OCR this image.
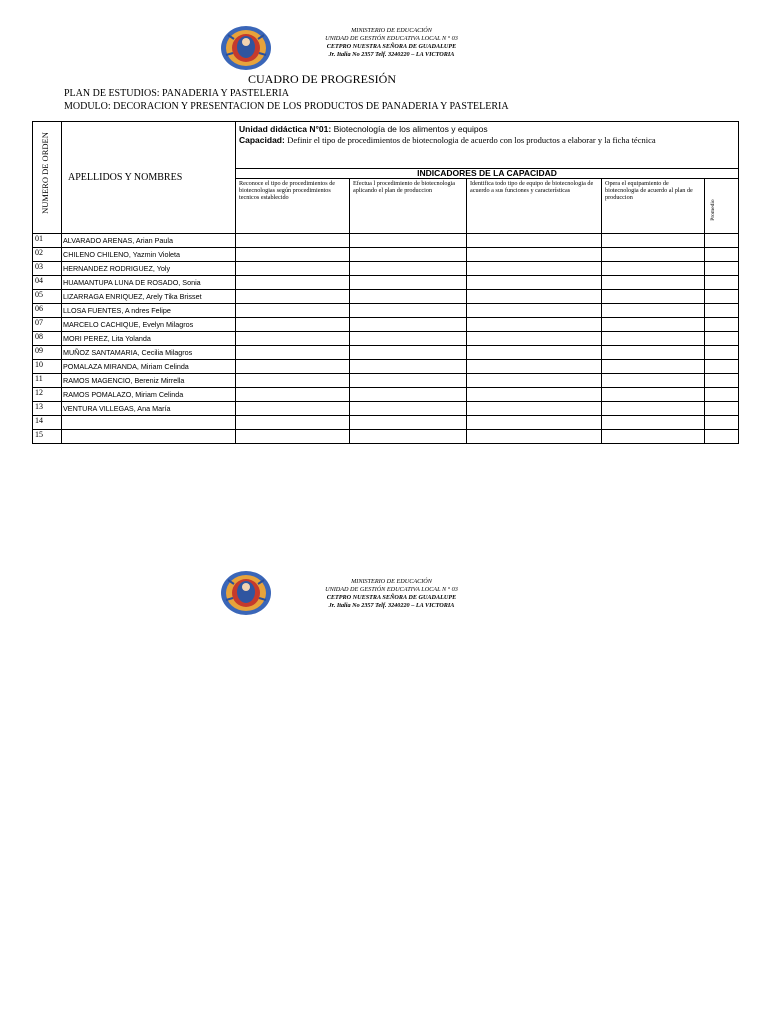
MINISTERIO DE EDUCACIÓN
UNIDAD DE GESTIÓN EDUCATIVA LOCAL N ° 03
CETPRO NUESTRA SEÑORA DE GUADALUPE
Jr. Italia No 2357 Telf. 3240220 – LA VICTORIA
CUADRO DE PROGRESIÓN
PLAN DE ESTUDIOS: PANADERIA Y PASTELERIA
MODULO: DECORACION Y PRESENTACION DE LOS PRODUCTOS DE PANADERIA Y PASTELERIA
NUMERO DE ORDEN	APELLIDOS Y NOMBRES	Unidad didáctica N°01: Biotecnología de los alimentos y equipos
Capacidad: Definir el tipo de procedimientos de biotecnologia de acuerdo con los productos a elaborar y la ficha técnica				

		INDICADORES DE LA CAPACIDAD				
		Reconoce el tipo de procedimientos de biotecnologias según procedimientos tecnicos establecido	Efectua l procedimiento de biotecnologia aplicando el plan de produccion	Identifica todo tipo de equipo de biotecnologia de acuerdo a sus funciones y características	Opera el equipamiento de biotecnologia de acuerdo al plan de produccion	Promedio

01	ALVARADO ARENAS, Arian Paula					
02	CHILENO CHILENO, Yazmin Violeta					
03	HERNANDEZ RODRIGUEZ, Yoly					
04	HUAMANTUPA LUNA DE ROSADO, Sonia					
05	LIZARRAGA ENRIQUEZ, Arely Tika Brisset					
06	LLOSA FUENTES, A ndres Felipe					
07	MARCELO CACHIQUE, Evelyn Milagros					
08	MORI PEREZ, Lita Yolanda					
09	MUÑOZ SANTAMARIA, Cecilia Milagros					
10	POMALAZA MIRANDA, Miriam Celinda					
11	RAMOS MAGENCIO, Bereniz Mirrella					
12	RAMOS POMALAZO, Miriam Celinda					
13	VENTURA VILLEGAS, Ana María					
14						
15						
MINISTERIO DE EDUCACIÓN
UNIDAD DE GESTIÓN EDUCATIVA LOCAL N ° 03
CETPRO NUESTRA SEÑORA DE GUADALUPE
Jr. Italia No 2357 Telf. 3240220 – LA VICTORIA
